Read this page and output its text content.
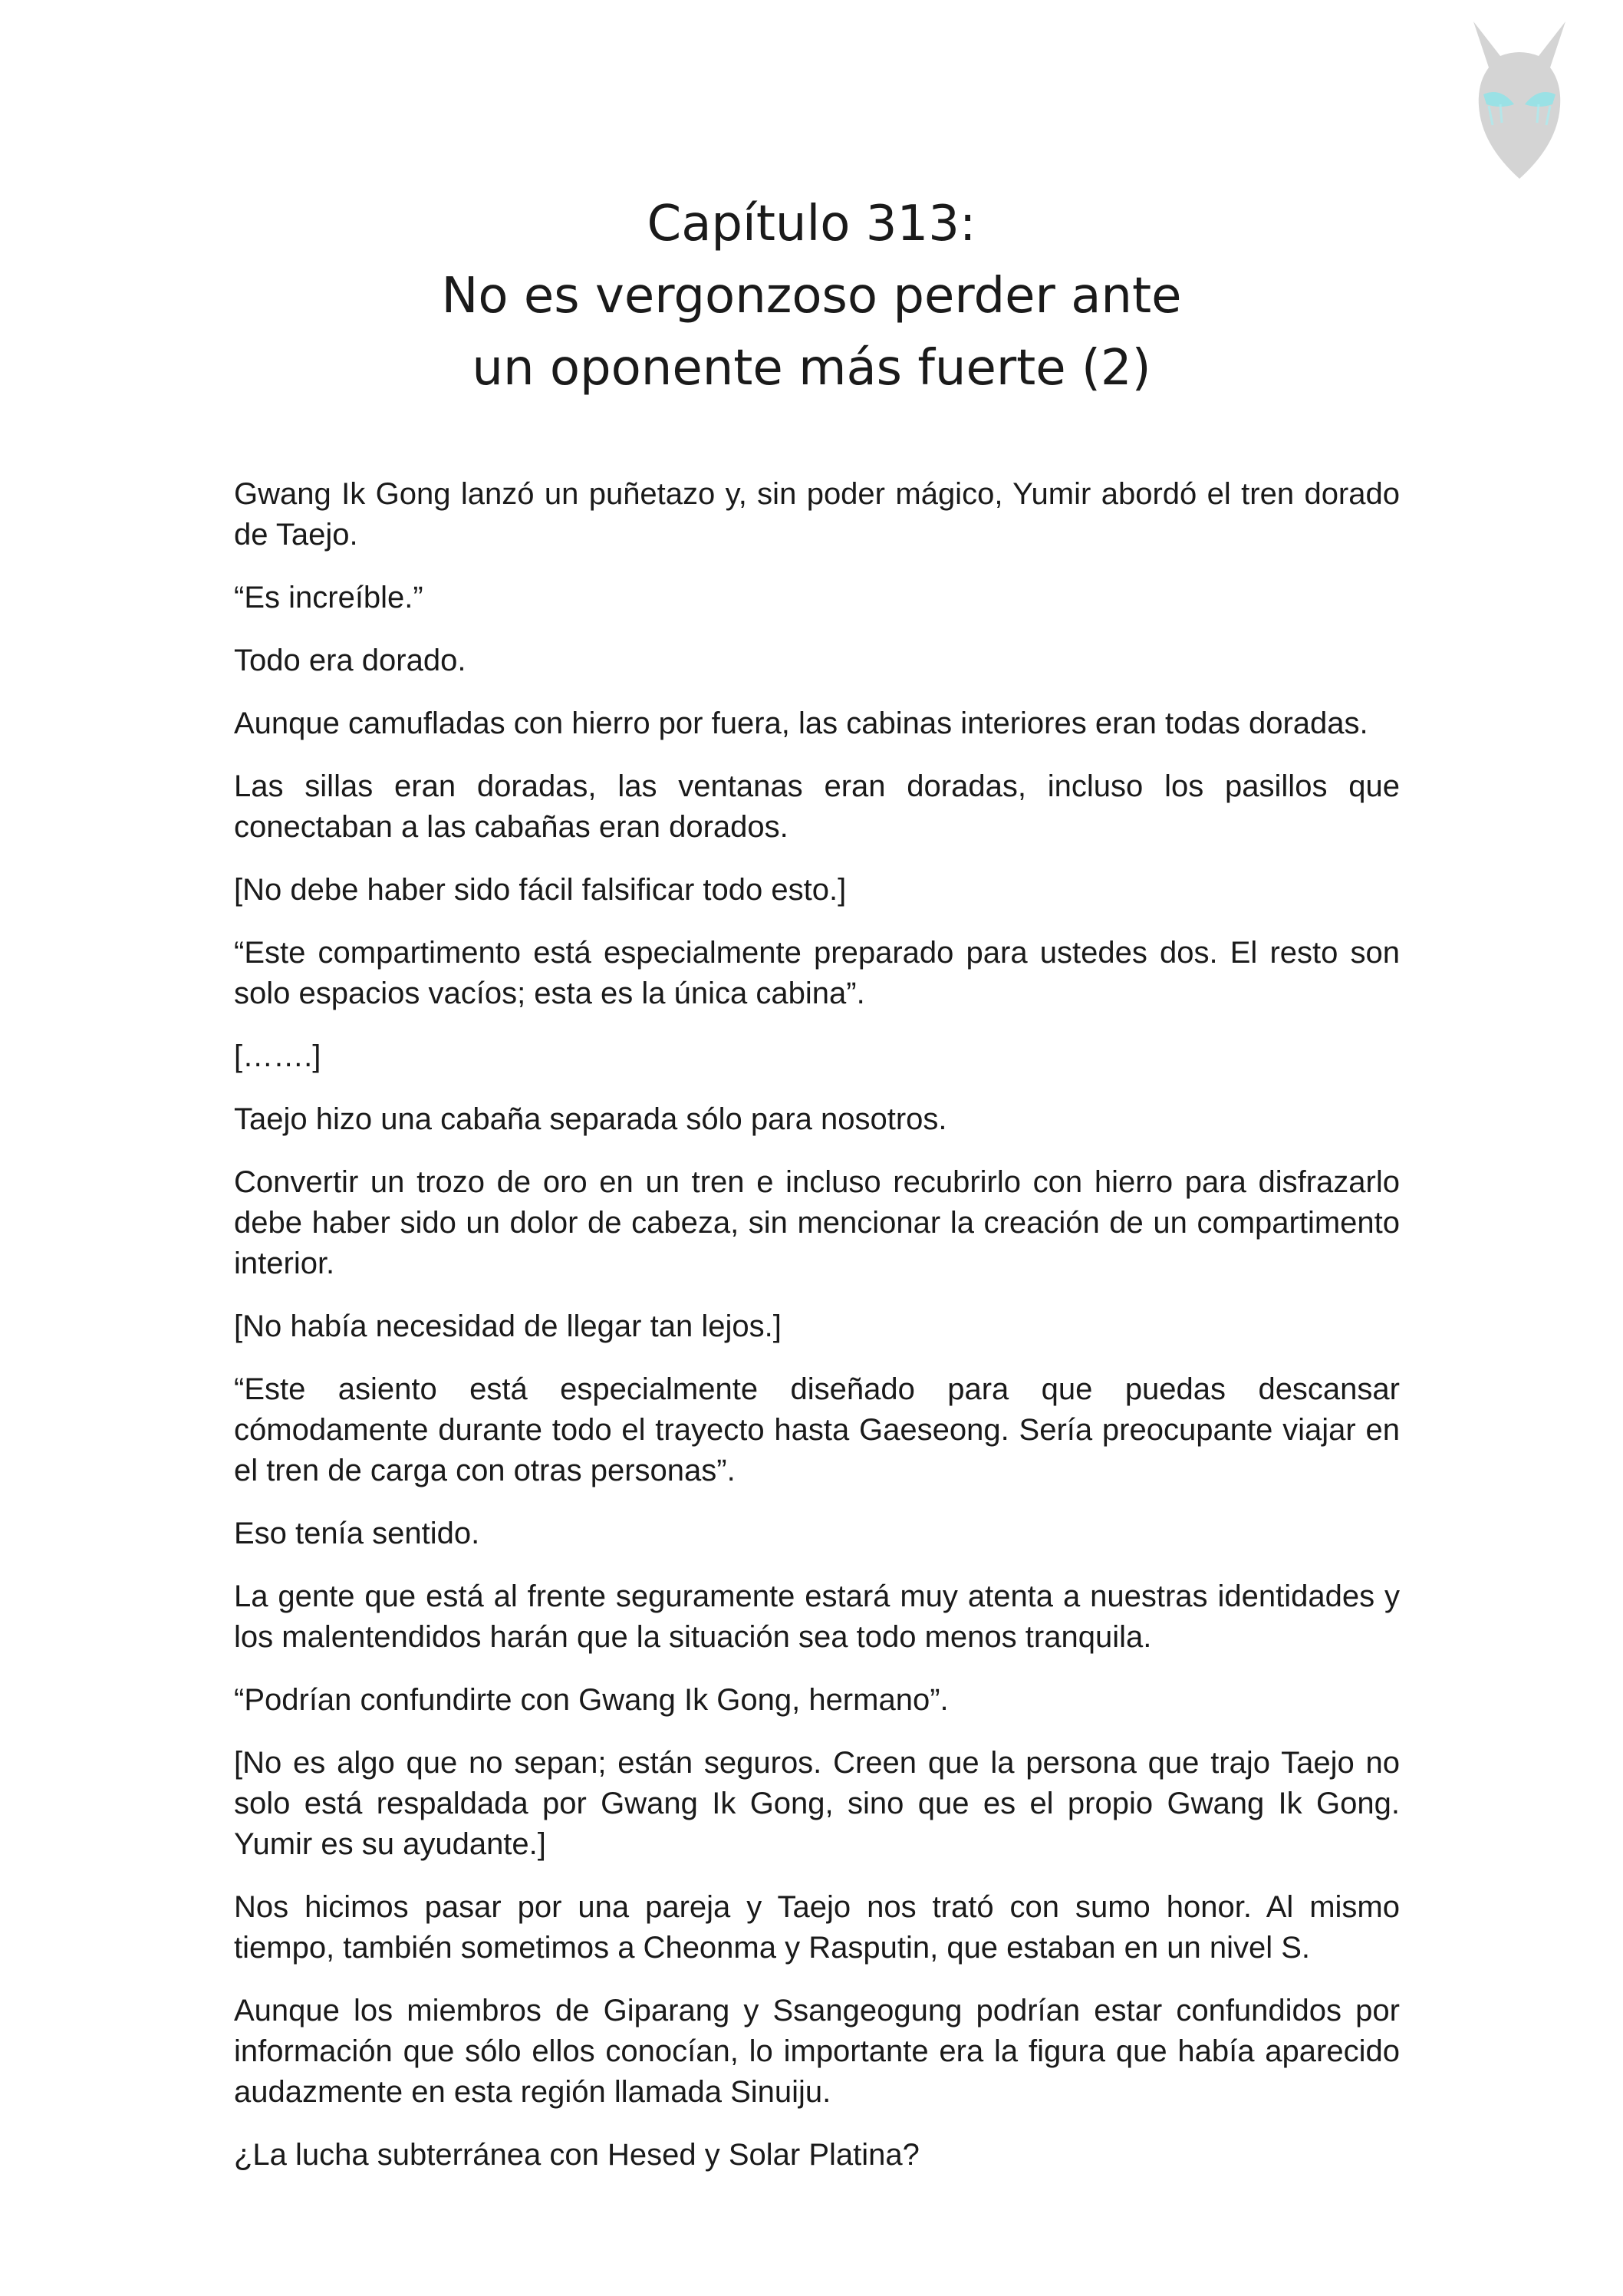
Capítulo 313:
No es vergonzoso perder ante
un oponente más fuerte (2)

Gwang Ik Gong lanzó un puñetazo y, sin poder mágico, Yumir abordó el tren dorado de Taejo.

“Es increíble.”

Todo era dorado.

Aunque camufladas con hierro por fuera, las cabinas interiores eran todas doradas.

Las sillas eran doradas, las ventanas eran doradas, incluso los pasillos que conectaban a las cabañas eran dorados.

[No debe haber sido fácil falsificar todo esto.]

“Este compartimento está especialmente preparado para ustedes dos. El resto son solo espacios vacíos; esta es la única cabina”.

[…….]

Taejo hizo una cabaña separada sólo para nosotros.

Convertir un trozo de oro en un tren e incluso recubrirlo con hierro para disfrazarlo debe haber sido un dolor de cabeza, sin mencionar la creación de un compartimento interior.

[No había necesidad de llegar tan lejos.]

“Este asiento está especialmente diseñado para que puedas descansar cómodamente durante todo el trayecto hasta Gaeseong. Sería preocupante viajar en el tren de carga con otras personas”.

Eso tenía sentido.

La gente que está al frente seguramente estará muy atenta a nuestras identidades y los malentendidos harán que la situación sea todo menos tranquila.

“Podrían confundirte con Gwang Ik Gong, hermano”.

[No es algo que no sepan; están seguros. Creen que la persona que trajo Taejo no solo está respaldada por Gwang Ik Gong, sino que es el propio Gwang Ik Gong. Yumir es su ayudante.]

Nos hicimos pasar por una pareja y Taejo nos trató con sumo honor. Al mismo tiempo, también sometimos a Cheonma y Rasputin, que estaban en un nivel S.

Aunque los miembros de Giparang y Ssangeogung podrían estar confundidos por información que sólo ellos conocían, lo importante era la figura que había aparecido audazmente en esta región llamada Sinuiju.

¿La lucha subterránea con Hesed y Solar Platina?
